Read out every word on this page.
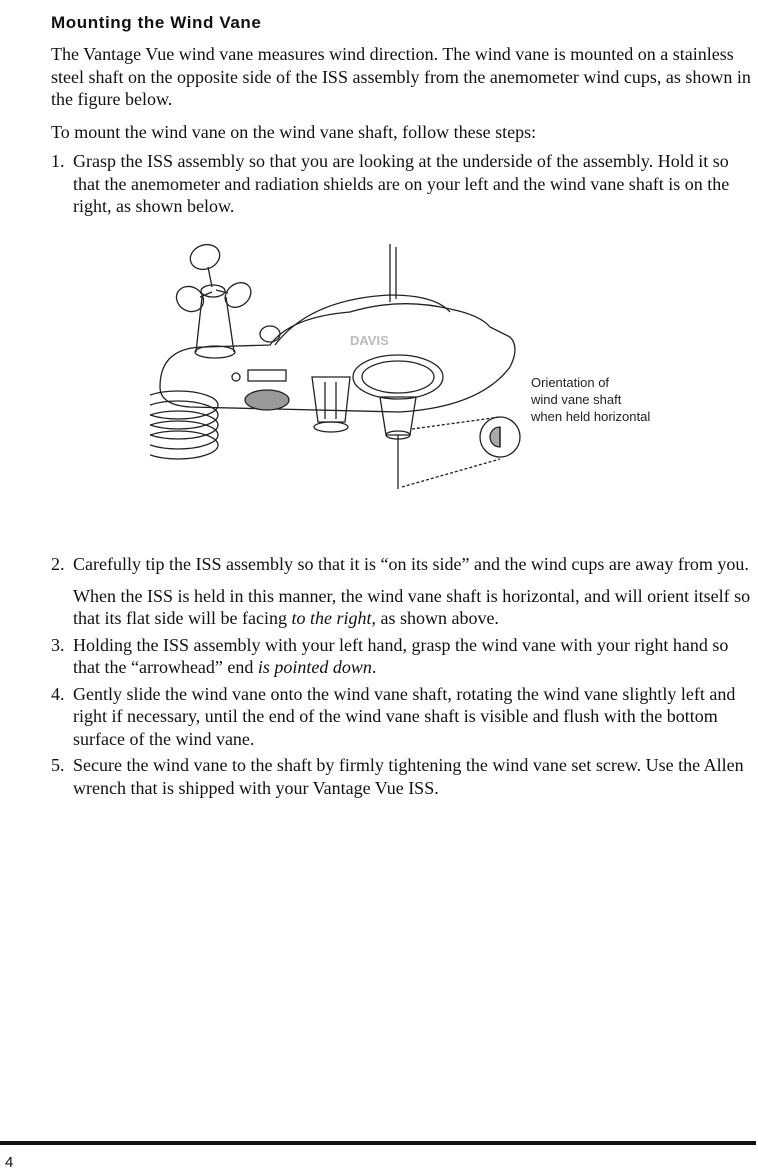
Mounting the Wind Vane

The Vantage Vue wind vane measures wind direction. The wind vane is mounted on a stainless steel shaft on the opposite side of the ISS assembly from the anemometer wind cups, as shown in the figure below.

To mount the wind vane on the wind vane shaft, follow these steps:

1. Grasp the ISS assembly so that you are looking at the underside of the assembly. Hold it so that the anemometer and radiation shields are on your left and the wind vane shaft is on the right, as shown below.

DAVIS
Orientation of
wind vane shaft
when held horizontal
2. Carefully tip the ISS assembly so that it is “on its side” and the wind cups are away from you.

When the ISS is held in this manner, the wind vane shaft is horizontal, and will orient itself so that its flat side will be facing to the right, as shown above.

3. Holding the ISS assembly with your left hand, grasp the wind vane with your right hand so that the “arrowhead” end is pointed down.

4. Gently slide the wind vane onto the wind vane shaft, rotating the wind vane slightly left and right if necessary, until the end of the wind vane shaft is visible and flush with the bottom surface of the wind vane.

5. Secure the wind vane to the shaft by firmly tightening the wind vane set screw. Use the Allen wrench that is shipped with your Vantage Vue ISS.

4
